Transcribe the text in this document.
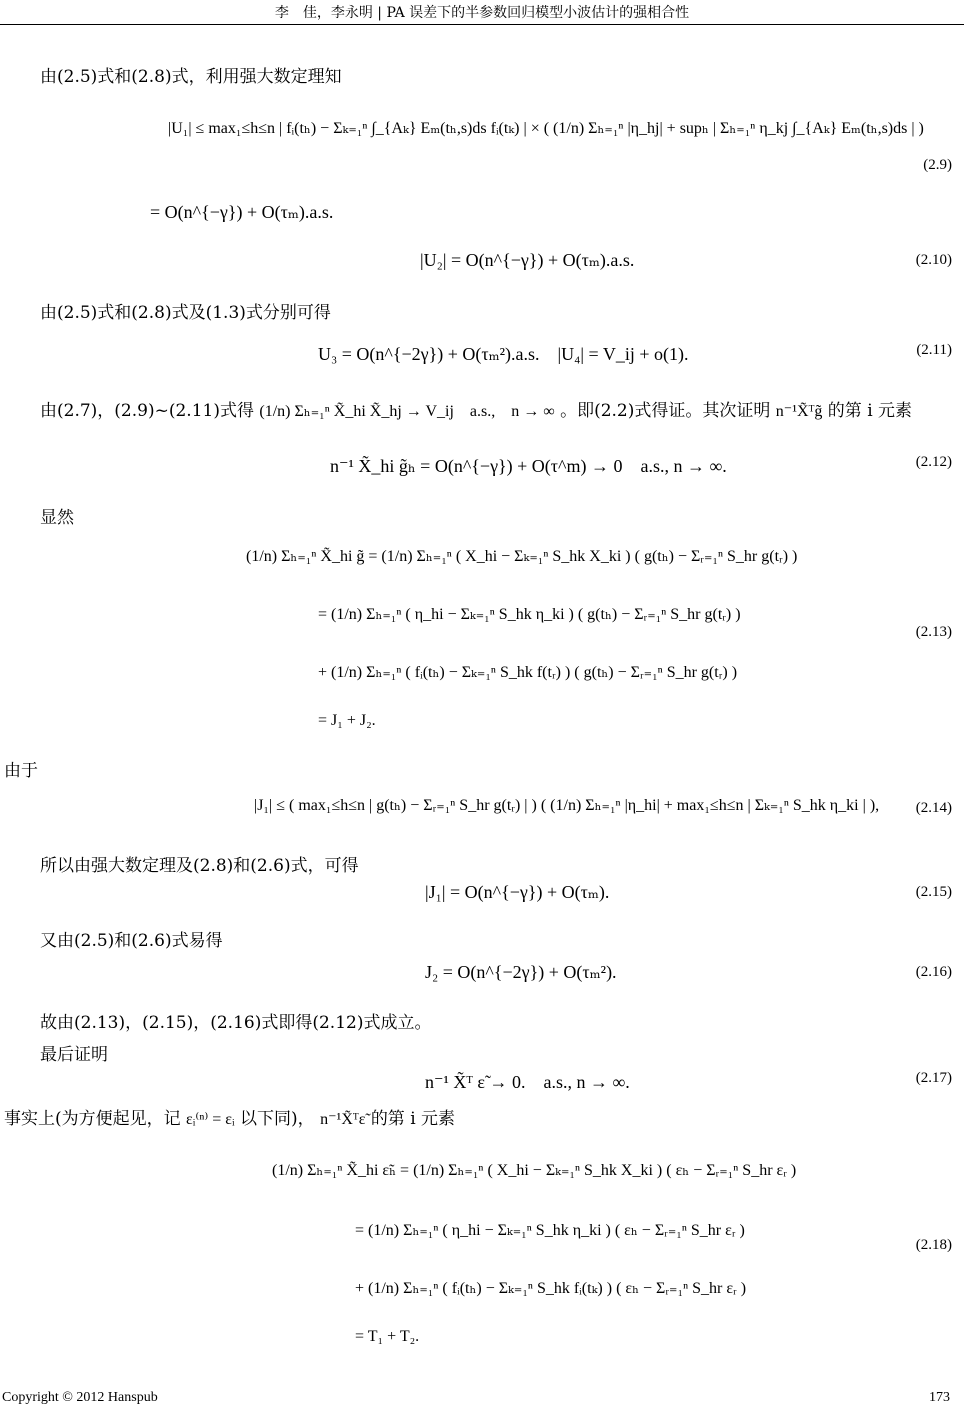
李　佳，李永明 | PA 误差下的半参数回归模型小波估计的强相合性
由(2.5)式和(2.8)式，利用强大数定理知
|U₁| ≤ max₁≤h≤n | fᵢ(tₕ) − Σₖ₌₁ⁿ ∫_{Aₖ} Eₘ(tₕ,s)ds fᵢ(tₖ) | × ( (1/n) Σₕ₌₁ⁿ |η_hj| + supₕ | Σₕ₌₁ⁿ η_kj ∫_{Aₖ} Eₘ(tₕ,s)ds | )
= O(n^{−γ}) + O(τₘ).a.s.
(2.9)
|U₂| = O(n^{−γ}) + O(τₘ).a.s.	(2.10)
由(2.5)式和(2.8)式及(1.3)式分别可得
U₃ = O(n^{−2γ}) + O(τₘ²).a.s.　|U₄| = V_ij + o(1).	(2.11)
由(2.7)，(2.9)~(2.11)式得 (1/n) Σₕ₌₁ⁿ X̃_hi X̃_hj → V_ij　a.s.,　n → ∞ 。即(2.2)式得证。其次证明 n⁻¹X̃ᵀg̃ 的第 i 元素
n⁻¹ X̃_hi g̃ₕ = O(n^{−γ}) + O(τ^m) → 0　a.s., n → ∞.	(2.12)
显然
(1/n) Σₕ₌₁ⁿ X̃_hi g̃ = (1/n) Σₕ₌₁ⁿ ( X_hi − Σₖ₌₁ⁿ S_hk X_ki ) ( g(tₕ) − Σᵣ₌₁ⁿ S_hr g(tᵣ) )
= (1/n) Σₕ₌₁ⁿ ( η_hi − Σₖ₌₁ⁿ S_hk η_ki ) ( g(tₕ) − Σᵣ₌₁ⁿ S_hr g(tᵣ) )
+ (1/n) Σₕ₌₁ⁿ ( fᵢ(tₕ) − Σₖ₌₁ⁿ S_hk f(tᵣ) ) ( g(tₕ) − Σᵣ₌₁ⁿ S_hr g(tᵣ) )
= J₁ + J₂.
(2.13)
由于
|J₁| ≤ ( max₁≤h≤n | g(tₕ) − Σᵣ₌₁ⁿ S_hr g(tᵣ) | ) ( (1/n) Σₕ₌₁ⁿ |η_hi| + max₁≤h≤n | Σₖ₌₁ⁿ S_hk η_ki | ), (2.14)
所以由强大数定理及(2.8)和(2.6)式，可得
|J₁| = O(n^{−γ}) + O(τₘ).	(2.15)
又由(2.5)和(2.6)式易得
J₂ = O(n^{−2γ}) + O(τₘ²).	(2.16)
故由(2.13)，(2.15)，(2.16)式即得(2.12)式成立。
最后证明
n⁻¹ X̃ᵀ ε̃ → 0.　a.s., n → ∞.	(2.17)
事实上(为方便起见，记 εᵢ⁽ⁿ⁾ = εᵢ 以下同)， n⁻¹X̃ᵀε̃ 的第 i 元素
(1/n) Σₕ₌₁ⁿ X̃_hi ε̃ₕ = (1/n) Σₕ₌₁ⁿ ( X_hi − Σₖ₌₁ⁿ S_hk X_ki ) ( εₕ − Σᵣ₌₁ⁿ S_hr εᵣ )
= (1/n) Σₕ₌₁ⁿ ( η_hi − Σₖ₌₁ⁿ S_hk η_ki ) ( εₕ − Σᵣ₌₁ⁿ S_hr εᵣ )
+ (1/n) Σₕ₌₁ⁿ ( fᵢ(tₕ) − Σₖ₌₁ⁿ S_hk fᵢ(tₖ) ) ( εₕ − Σᵣ₌₁ⁿ S_hr εᵣ )
= T₁ + T₂.
(2.18)
Copyright © 2012 Hanspub	173
